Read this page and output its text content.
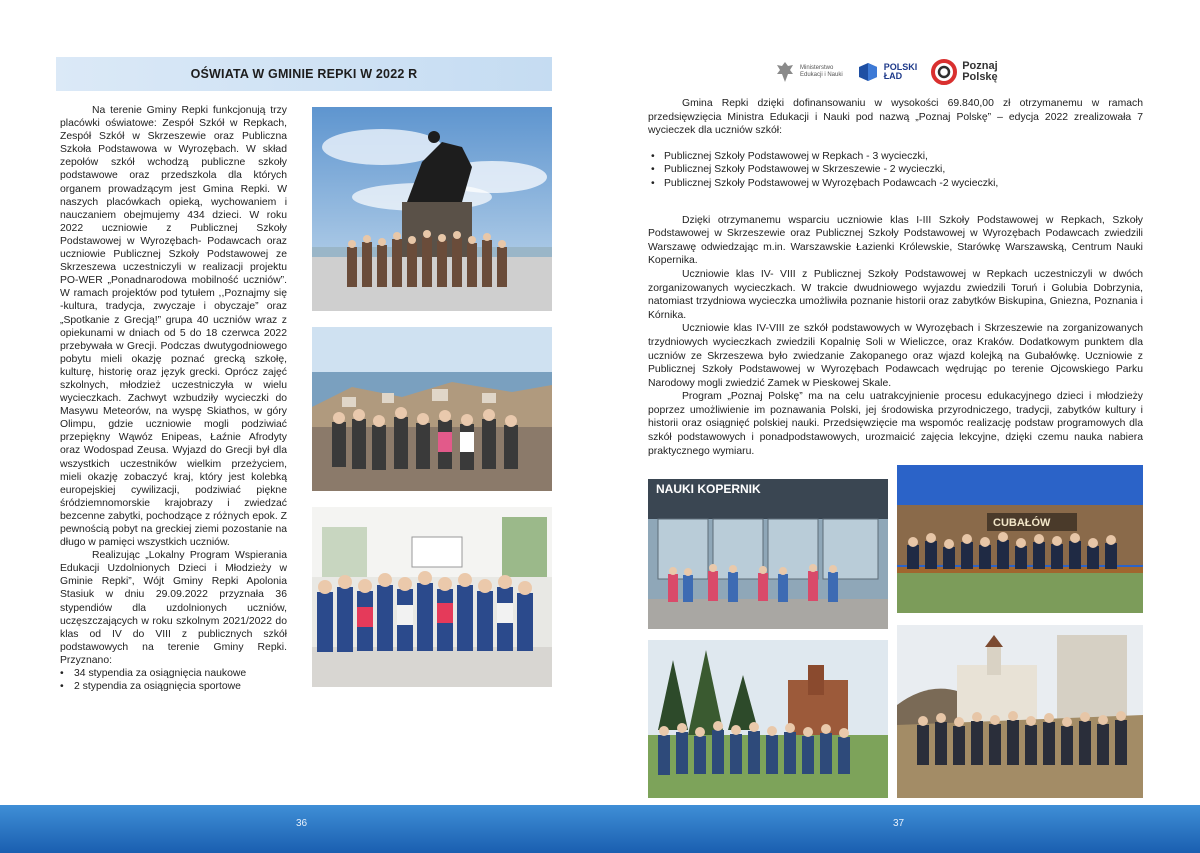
OŚWIATA W GMINIE REPKI W 2022 R

Na terenie Gminy Repki funkcjonują trzy placówki oświatowe: Zespół Szkół w Repkach, Zespół Szkół w Skrzeszewie oraz Publiczna Szkoła Podstawowa w Wyrozębach. W skład zepołów szkół wchodzą publiczne szkoły podstawowe oraz przedszkola dla których organem prowadzącym jest Gmina Repki. W naszych placówkach opieką, wychowaniem i nauczaniem obejmujemy 434 dzieci. W roku 2022 uczniowie z Publicznej Szkoły Podstawowej w Wyrozębach- Podawcach oraz uczniowie Publicznej Szkoły Podstawowej ze Skrzeszewa uczestniczyli w realizacji projektu PO-WER „Ponadnarodowa mobilność uczniów”. W ramach projektów pod tytułem ,,Poznajmy się -kultura, tradycja, zwyczaje i obyczaje” oraz „Spotkanie z Grecją!” grupa 40 uczniów wraz z opiekunami w dniach od 5 do 18 czerwca 2022 przebywała w Grecji. Podczas dwutygodniowego pobytu mieli okazję poznać grecką szkołę, kulturę, historię oraz język grecki. Oprócz zajęć szkolnych, młodzież uczestniczyła w wielu wycieczkach. Zachwyt wzbudziły wycieczki do Masywu Meteorów, na wyspę Skiathos, w góry Olimpu, gdzie uczniowie mogli podziwiać przepiękny Wąwóz Enipeas, Łaźnie Afrodyty oraz Wodospad Zeusa. Wyjazd do Grecji był dla wszystkich uczestników wielkim przeżyciem, mieli okazję zobaczyć kraj, który jest kolebką europejskiej cywilizacji, podziwiać piękne śródziemnomorskie krajobrazy i zwiedzać bezcenne zabytki, pochodzące z różnych epok. Z pewnością pobyt na greckiej ziemi pozostanie na długo w pamięci wszystkich uczniów.

Realizując „Lokalny Program Wspierania Edukacji Uzdolnionych Dzieci i Młodzieży w Gminie Repki”, Wójt Gminy Repki Apolonia Stasiuk w dniu 29.09.2022 przyznała 36 stypendiów dla uzdolnionych uczniów, uczęszczających w roku szkolnym 2021/2022 do klas od IV do VIII z publicznych szkół podstawowych na terenie Gminy Repki. Przyznano:

• 34 stypendia za osiągnięcia naukowe
• 2 stypendia za osiągnięcia sportowe
Ministerstwo
Edukacji i Nauki
POLSKI
ŁAD
Poznaj
Polskę

Gmina Repki dzięki dofinansowaniu w wysokości 69.840,00 zł otrzymanemu w ramach przedsięwzięcia Ministra Edukacji i Nauki pod nazwą „Poznaj Polskę” – edycja 2022 zrealizowała 7 wycieczek dla uczniów szkół:

• Publicznej Szkoły Podstawowej w Repkach - 3 wycieczki,
• Publicznej Szkoły Podstawowej w Skrzeszewie - 2 wycieczki,
• Publicznej Szkoły Podstawowej w Wyrozębach Podawcach -2 wycieczki,

Dzięki otrzymanemu wsparciu uczniowie klas I-III Szkoły Podstawowej w Repkach, Szkoły Podstawowej w Skrzeszewie oraz Publicznej Szkoły Podstawowej w Wyrozębach Podawcach zwiedzili Warszawę odwiedzając m.in. Warszawskie Łazienki Królewskie, Starówkę Warszawską, Centrum Nauki Kopernika.

Uczniowie klas IV- VIII z Publicznej Szkoły Podstawowej w Repkach uczestniczyli w dwóch zorganizowanych wycieczkach. W trakcie dwudniowego wyjazdu zwiedzili Toruń i Golubia Dobrzynia, natomiast trzydniowa wycieczka umożliwiła poznanie historii oraz zabytków Biskupina, Gniezna, Poznania i Kórnika.

Uczniowie klas IV-VIII ze szkół podstawowych w Wyrozębach i Skrzeszewie na zorganizowanych trzydniowych wycieczkach zwiedzili Kopalnię Soli w Wieliczce, oraz Kraków. Dodatkowym punktem dla uczniów ze Skrzeszewa było zwiedzanie Zakopanego oraz wjazd kolejką na Gubałówkę. Uczniowie z Publicznej Szkoły Podstawowej w Wyrozębach Podawcach wędrując po terenie Ojcowskiego Parku Narodowy mogli zwiedzić Zamek w Pieskowej Skale.

Program „Poznaj Polskę” ma na celu uatrakcyjnienie procesu edukacyjnego dzieci i młodzieży poprzez umożliwienie im poznawania Polski, jej środowiska przyrodniczego, tradycji, zabytków kultury i historii oraz osiągnięć polskiej nauki. Przedsięwzięcie ma wspomóc realizację podstaw programowych dla szkół podstawowych i ponadpodstawowych, urozmaicić zajęcia lekcyjne, dzięki czemu nauka nabiera praktycznego wymiaru.

NAUKI KOPERNIK
CUBAŁÓW
36	37
